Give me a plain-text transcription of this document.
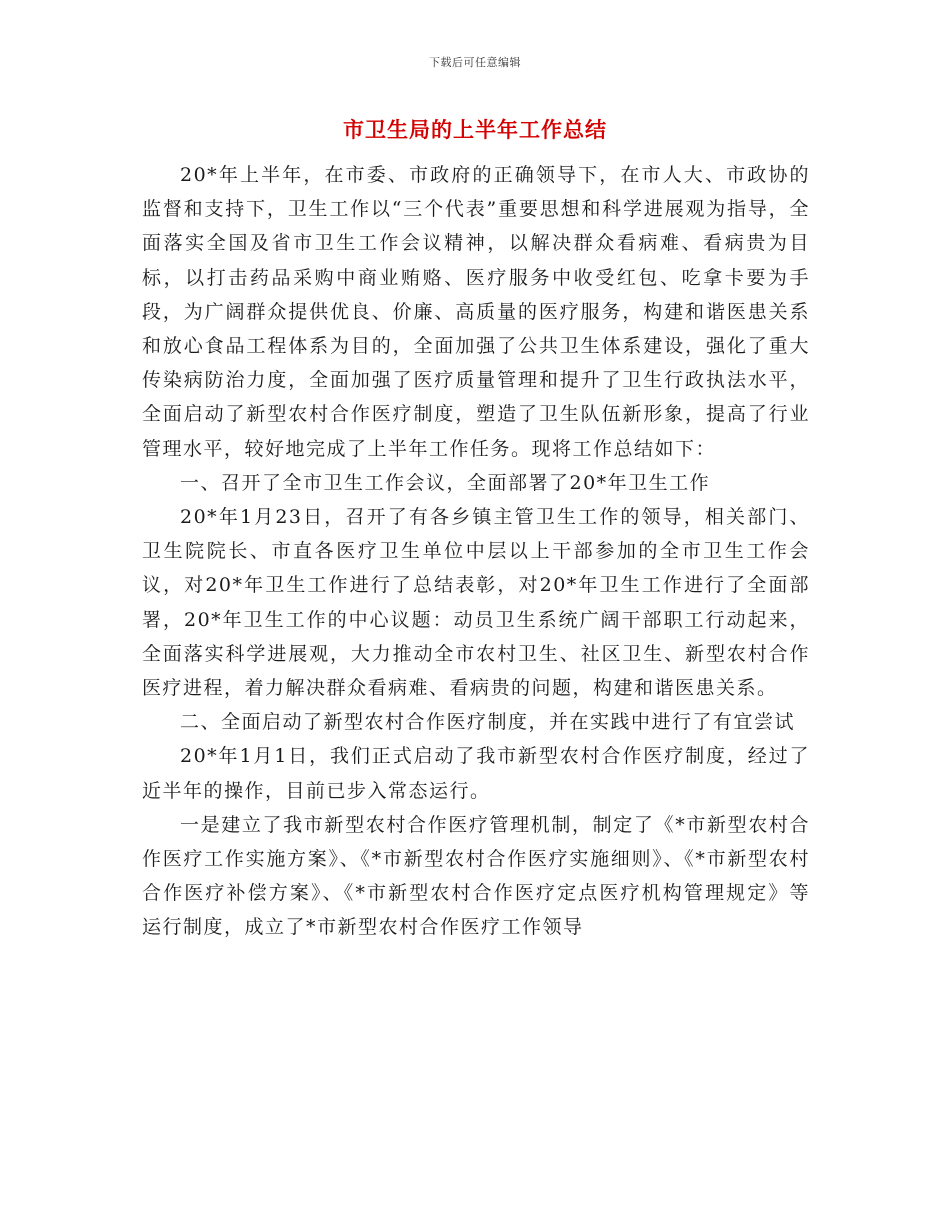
下载后可任意编辑
市卫生局的上半年工作总结

20*年上半年，在市委、市政府的正确领导下，在市人大、市政协的监督和支持下，卫生工作以“三个代表”重要思想和科学进展观为指导，全面落实全国及省市卫生工作会议精神，以解决群众看病难、看病贵为目标，以打击药品采购中商业贿赂、医疗服务中收受红包、吃拿卡要为手段，为广阔群众提供优良、价廉、高质量的医疗服务，构建和谐医患关系和放心食品工程体系为目的，全面加强了公共卫生体系建设，强化了重大传染病防治力度，全面加强了医疗质量管理和提升了卫生行政执法水平，全面启动了新型农村合作医疗制度，塑造了卫生队伍新形象，提高了行业管理水平，较好地完成了上半年工作任务。现将工作总结如下：

一、召开了全市卫生工作会议，全面部署了20*年卫生工作

20*年1月23日，召开了有各乡镇主管卫生工作的领导，相关部门、卫生院院长、市直各医疗卫生单位中层以上干部参加的全市卫生工作会议，对20*年卫生工作进行了总结表彰，对20*年卫生工作进行了全面部署，20*年卫生工作的中心议题：动员卫生系统广阔干部职工行动起来，全面落实科学进展观，大力推动全市农村卫生、社区卫生、新型农村合作医疗进程，着力解决群众看病难、看病贵的问题，构建和谐医患关系。

二、全面启动了新型农村合作医疗制度，并在实践中进行了有宜尝试

20*年1月1日，我们正式启动了我市新型农村合作医疗制度，经过了近半年的操作，目前已步入常态运行。

一是建立了我市新型农村合作医疗管理机制，制定了《*市新型农村合作医疗工作实施方案》、《*市新型农村合作医疗实施细则》、《*市新型农村合作医疗补偿方案》、《*市新型农村合作医疗定点医疗机构管理规定》等运行制度，成立了*市新型农村合作医疗工作领导
